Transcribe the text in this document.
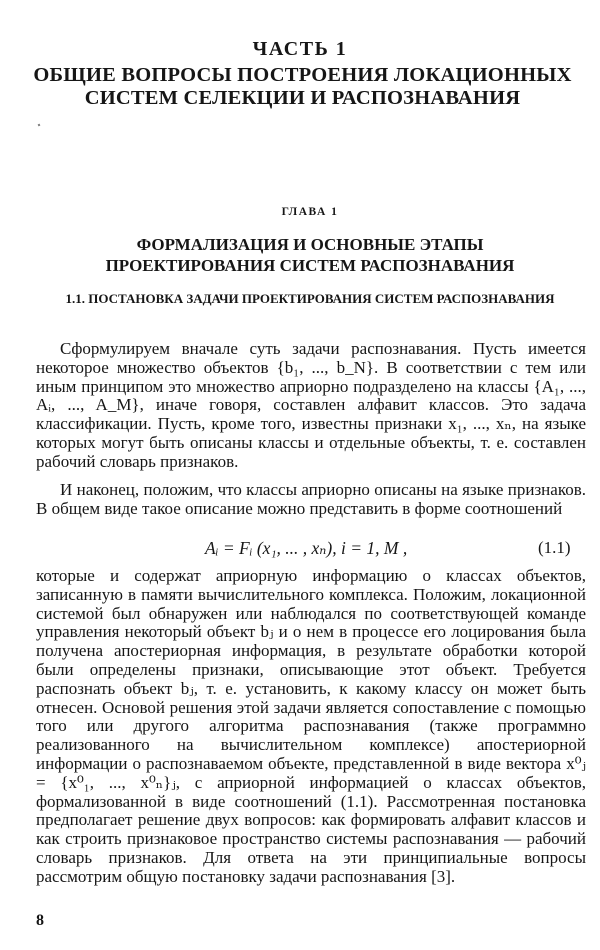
ЧАСТЬ 1
ОБЩИЕ ВОПРОСЫ ПОСТРОЕНИЯ ЛОКАЦИОННЫХ СИСТЕМ СЕЛЕКЦИИ И РАСПОЗНАВАНИЯ
ГЛАВА 1
ФОРМАЛИЗАЦИЯ И ОСНОВНЫЕ ЭТАПЫ ПРОЕКТИРОВАНИЯ СИСТЕМ РАСПОЗНАВАНИЯ
1.1. ПОСТАНОВКА ЗАДАЧИ ПРОЕКТИРОВАНИЯ СИСТЕМ РАСПОЗНАВАНИЯ

Сформулируем вначале суть задачи распознавания. Пусть имеется некоторое множество объектов {b₁, ..., b_N}. В соответствии с тем или иным принципом это множество априорно подразделено на классы {A₁, ..., Aᵢ, ..., A_M}, иначе говоря, составлен алфавит классов. Это задача классификации. Пусть, кроме того, известны признаки x₁, ..., xₙ, на языке которых могут быть описаны классы и отдельные объекты, т. е. составлен рабочий словарь признаков.

И наконец, положим, что классы априорно описаны на языке признаков. В общем виде такое описание можно представить в форме соотношений

Aᵢ = Fᵢ (x₁, ... , xₙ), i = 1, M ,	(1.1)

которые и содержат априорную информацию о классах объектов, записанную в памяти вычислительного комплекса. Положим, локационной системой был обнаружен или наблюдался по соответствующей команде управления некоторый объект bⱼ и о нем в процессе его лоцирования была получена апостериорная информация, в результате обработки которой были определены признаки, описывающие этот объект. Требуется распознать объект bⱼ, т. е. установить, к какому классу он может быть отнесен. Основой решения этой задачи является сопоставление с помощью того или другого алгоритма распознавания (также программно реализованного на вычислительном комплексе) апостериорной информации о распознаваемом объекте, представленной в виде вектора x⁰ⱼ = {x⁰₁, ..., x⁰ₙ}ⱼ, с априорной информацией о классах объектов, формализованной в виде соотношений (1.1). Рассмотренная постановка предполагает решение двух вопросов: как формировать алфавит классов и как строить признаковое пространство системы распознавания — рабочий словарь признаков. Для ответа на эти принципиальные вопросы рассмотрим общую постановку задачи распознавания [3].

8
